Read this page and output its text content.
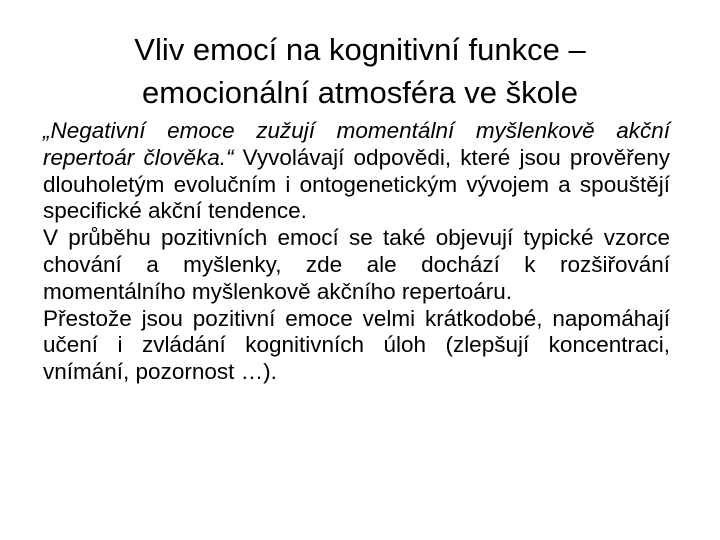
Vliv emocí na kognitivní funkce –
emocionální atmosféra ve škole

„Negativní emoce zužují momentální myšlenkově akční repertoár člověka.“ Vyvolávají odpovědi, které jsou prověřeny dlouholetým evolučním i ontogenetickým vývojem a spouštějí specifické akční tendence.

V průběhu pozitivních emocí se také objevují typické vzorce chování a myšlenky, zde ale dochází k rozšiřování momentálního myšlenkově akčního repertoáru.

Přestože jsou pozitivní emoce velmi krátkodobé, napomáhají učení i zvládání kognitivních úloh (zlepšují koncentraci, vnímání, pozornost …).
